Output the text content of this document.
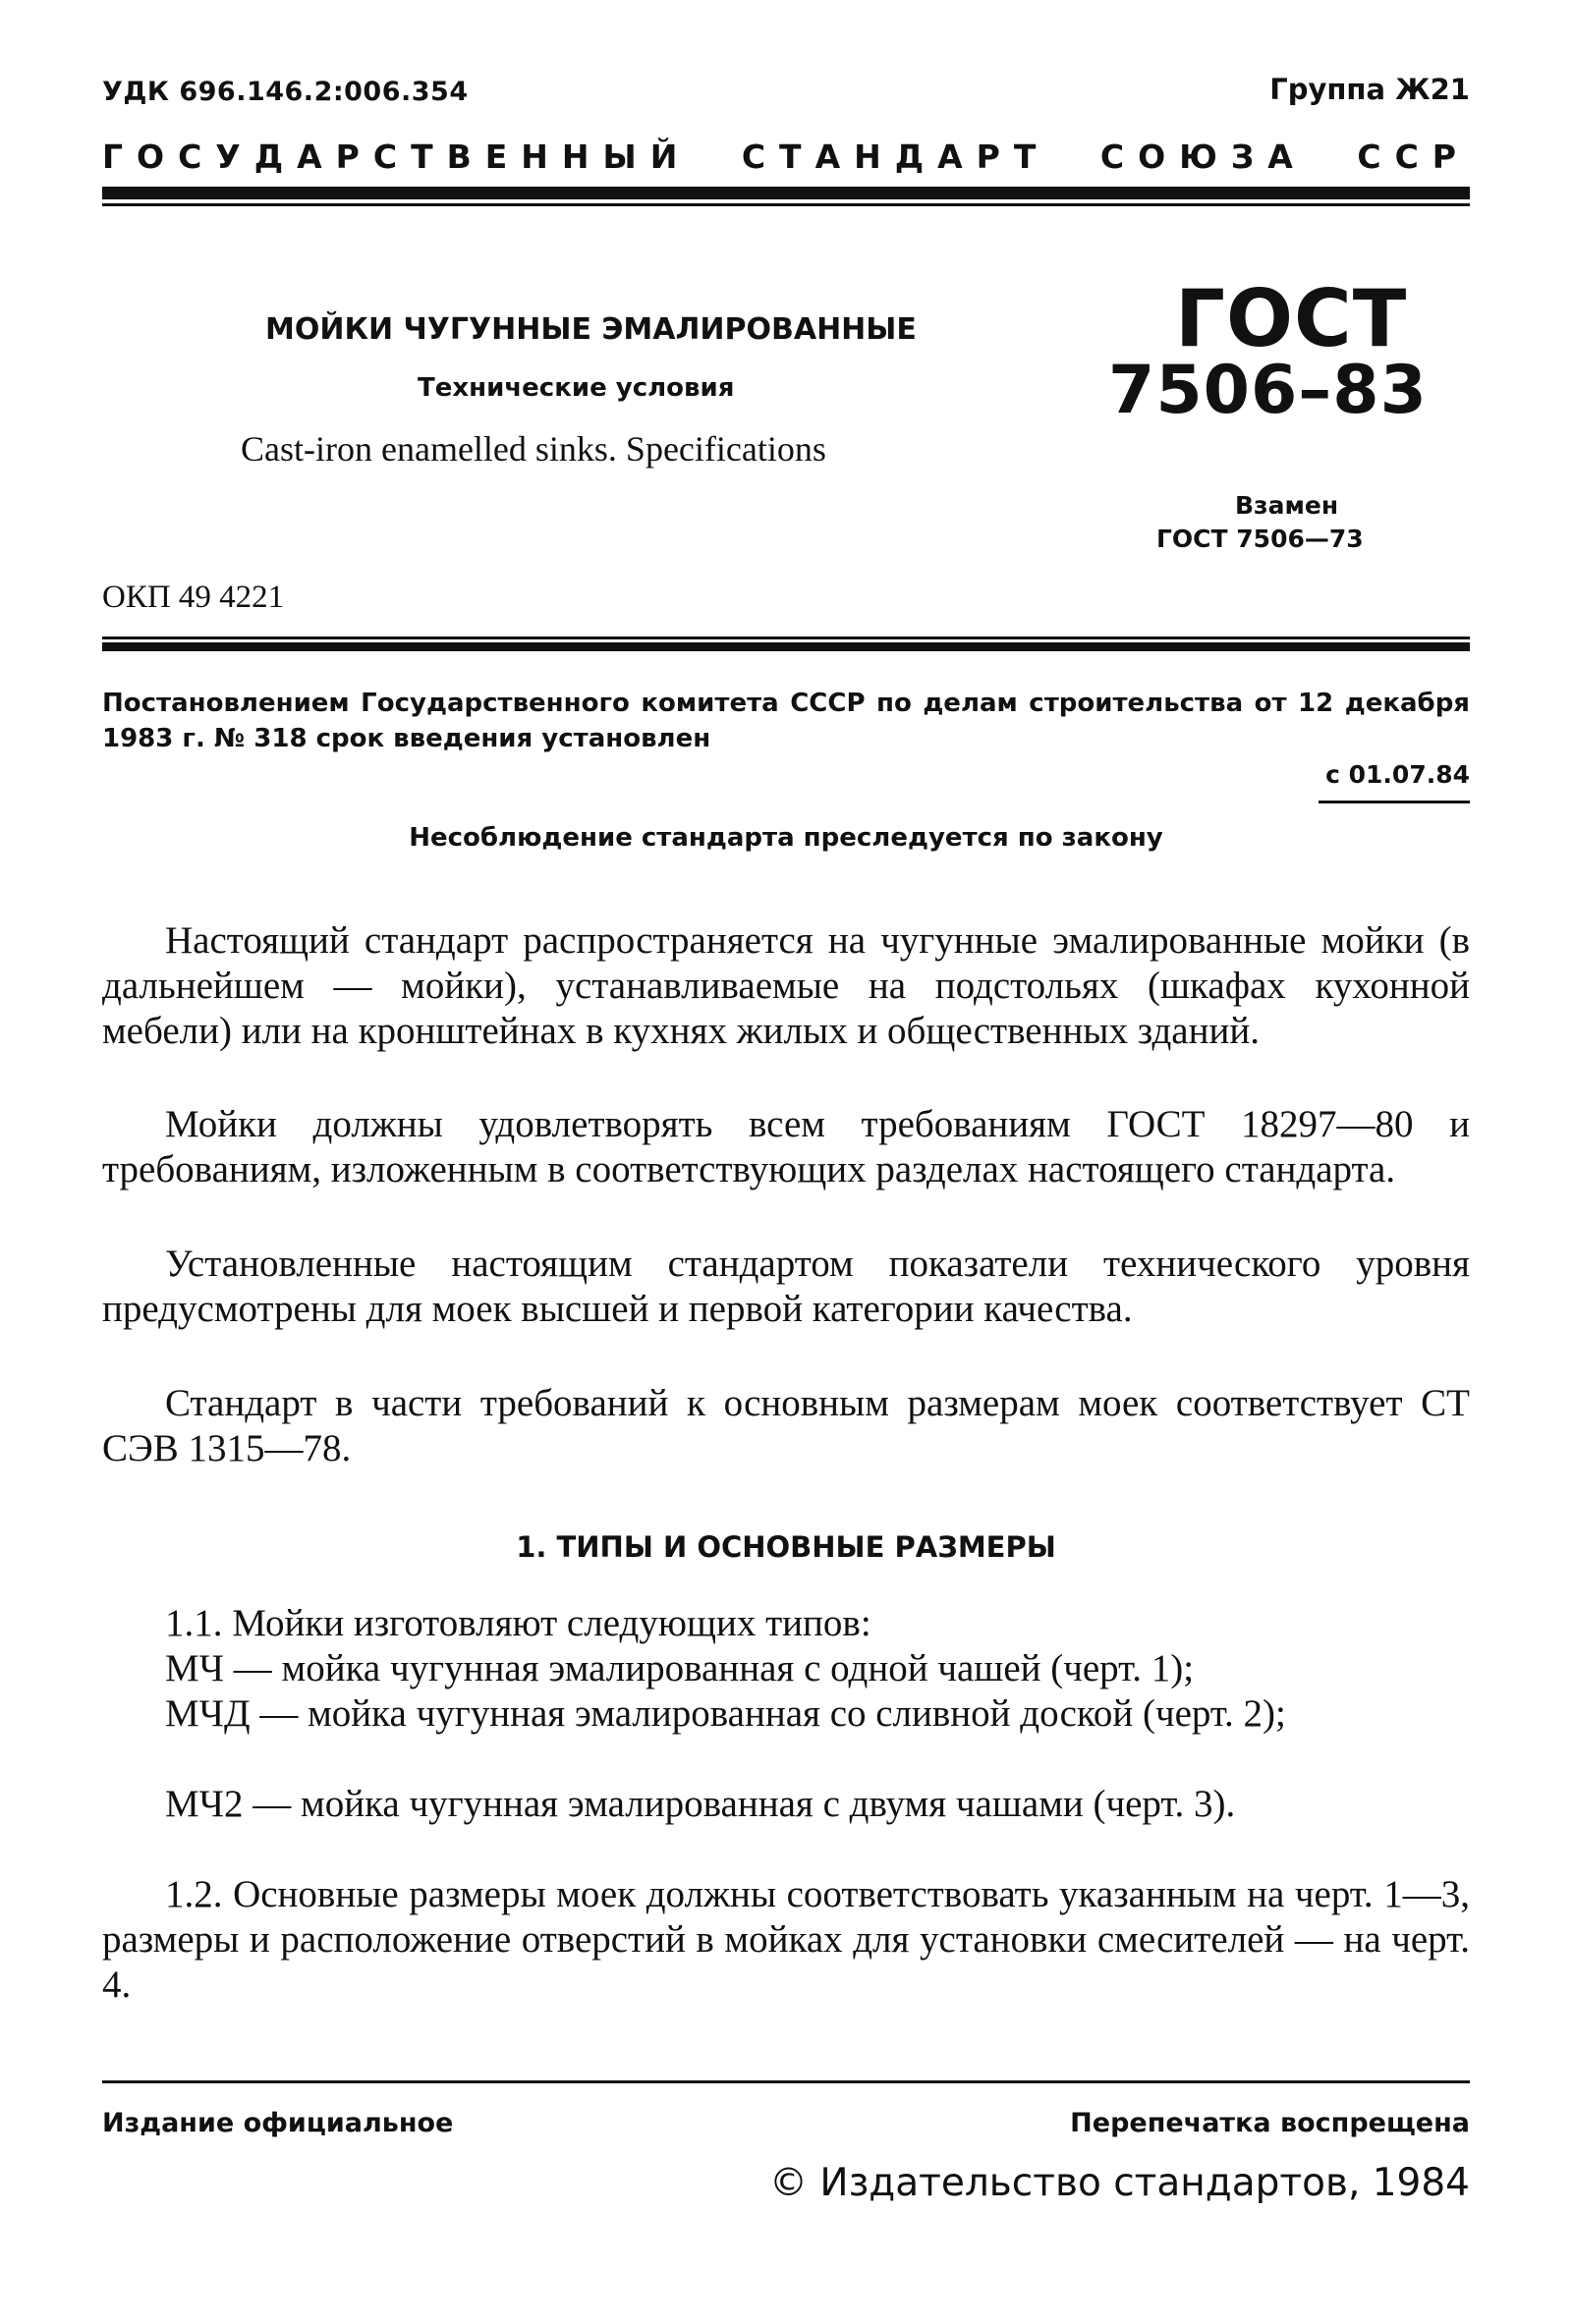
УДК 696.146.2:006.354	Группа Ж21
ГОСУДАРСТВЕННЫЙ СТАНДАРТ СОЮЗА ССР
МОЙКИ ЧУГУННЫЕ ЭМАЛИРОВАННЫЕ
Технические условия
Cast-iron enamelled sinks. Specifications
ГОСТ
7506–83
Взамен
ГОСТ 7506—73
ОКП 49 4221
Постановлением Государственного комитета СССР по делам строительства от 12 декабря 1983 г. № 318 срок введения установлен
с 01.07.84
Несоблюдение стандарта преследуется по закону

Настоящий стандарт распространяется на чугунные эмалированные мойки (в дальнейшем — мойки), устанавливаемые на подстольях (шкафах кухонной мебели) или на кронштейнах в кухнях жилых и общественных зданий.

Мойки должны удовлетворять всем требованиям ГОСТ 18297—80 и требованиям, изложенным в соответствующих разделах настоящего стандарта.

Установленные настоящим стандартом показатели технического уровня предусмотрены для моек высшей и первой категории качества.

Стандарт в части требований к основным размерам моек соответствует СТ СЭВ 1315—78.

1. ТИПЫ И ОСНОВНЫЕ РАЗМЕРЫ

1.1. Мойки изготовляют следующих типов:

МЧ — мойка чугунная эмалированная с одной чашей (черт. 1);

МЧД — мойка чугунная эмалированная со сливной доской (черт. 2);

МЧ2 — мойка чугунная эмалированная с двумя чашами (черт. 3).

1.2. Основные размеры моек должны соответствовать указанным на черт. 1—3, размеры и расположение отверстий в мойках для установки смесителей — на черт. 4.

Издание официальное	Перепечатка воспрещена
© Издательство стандартов, 1984
